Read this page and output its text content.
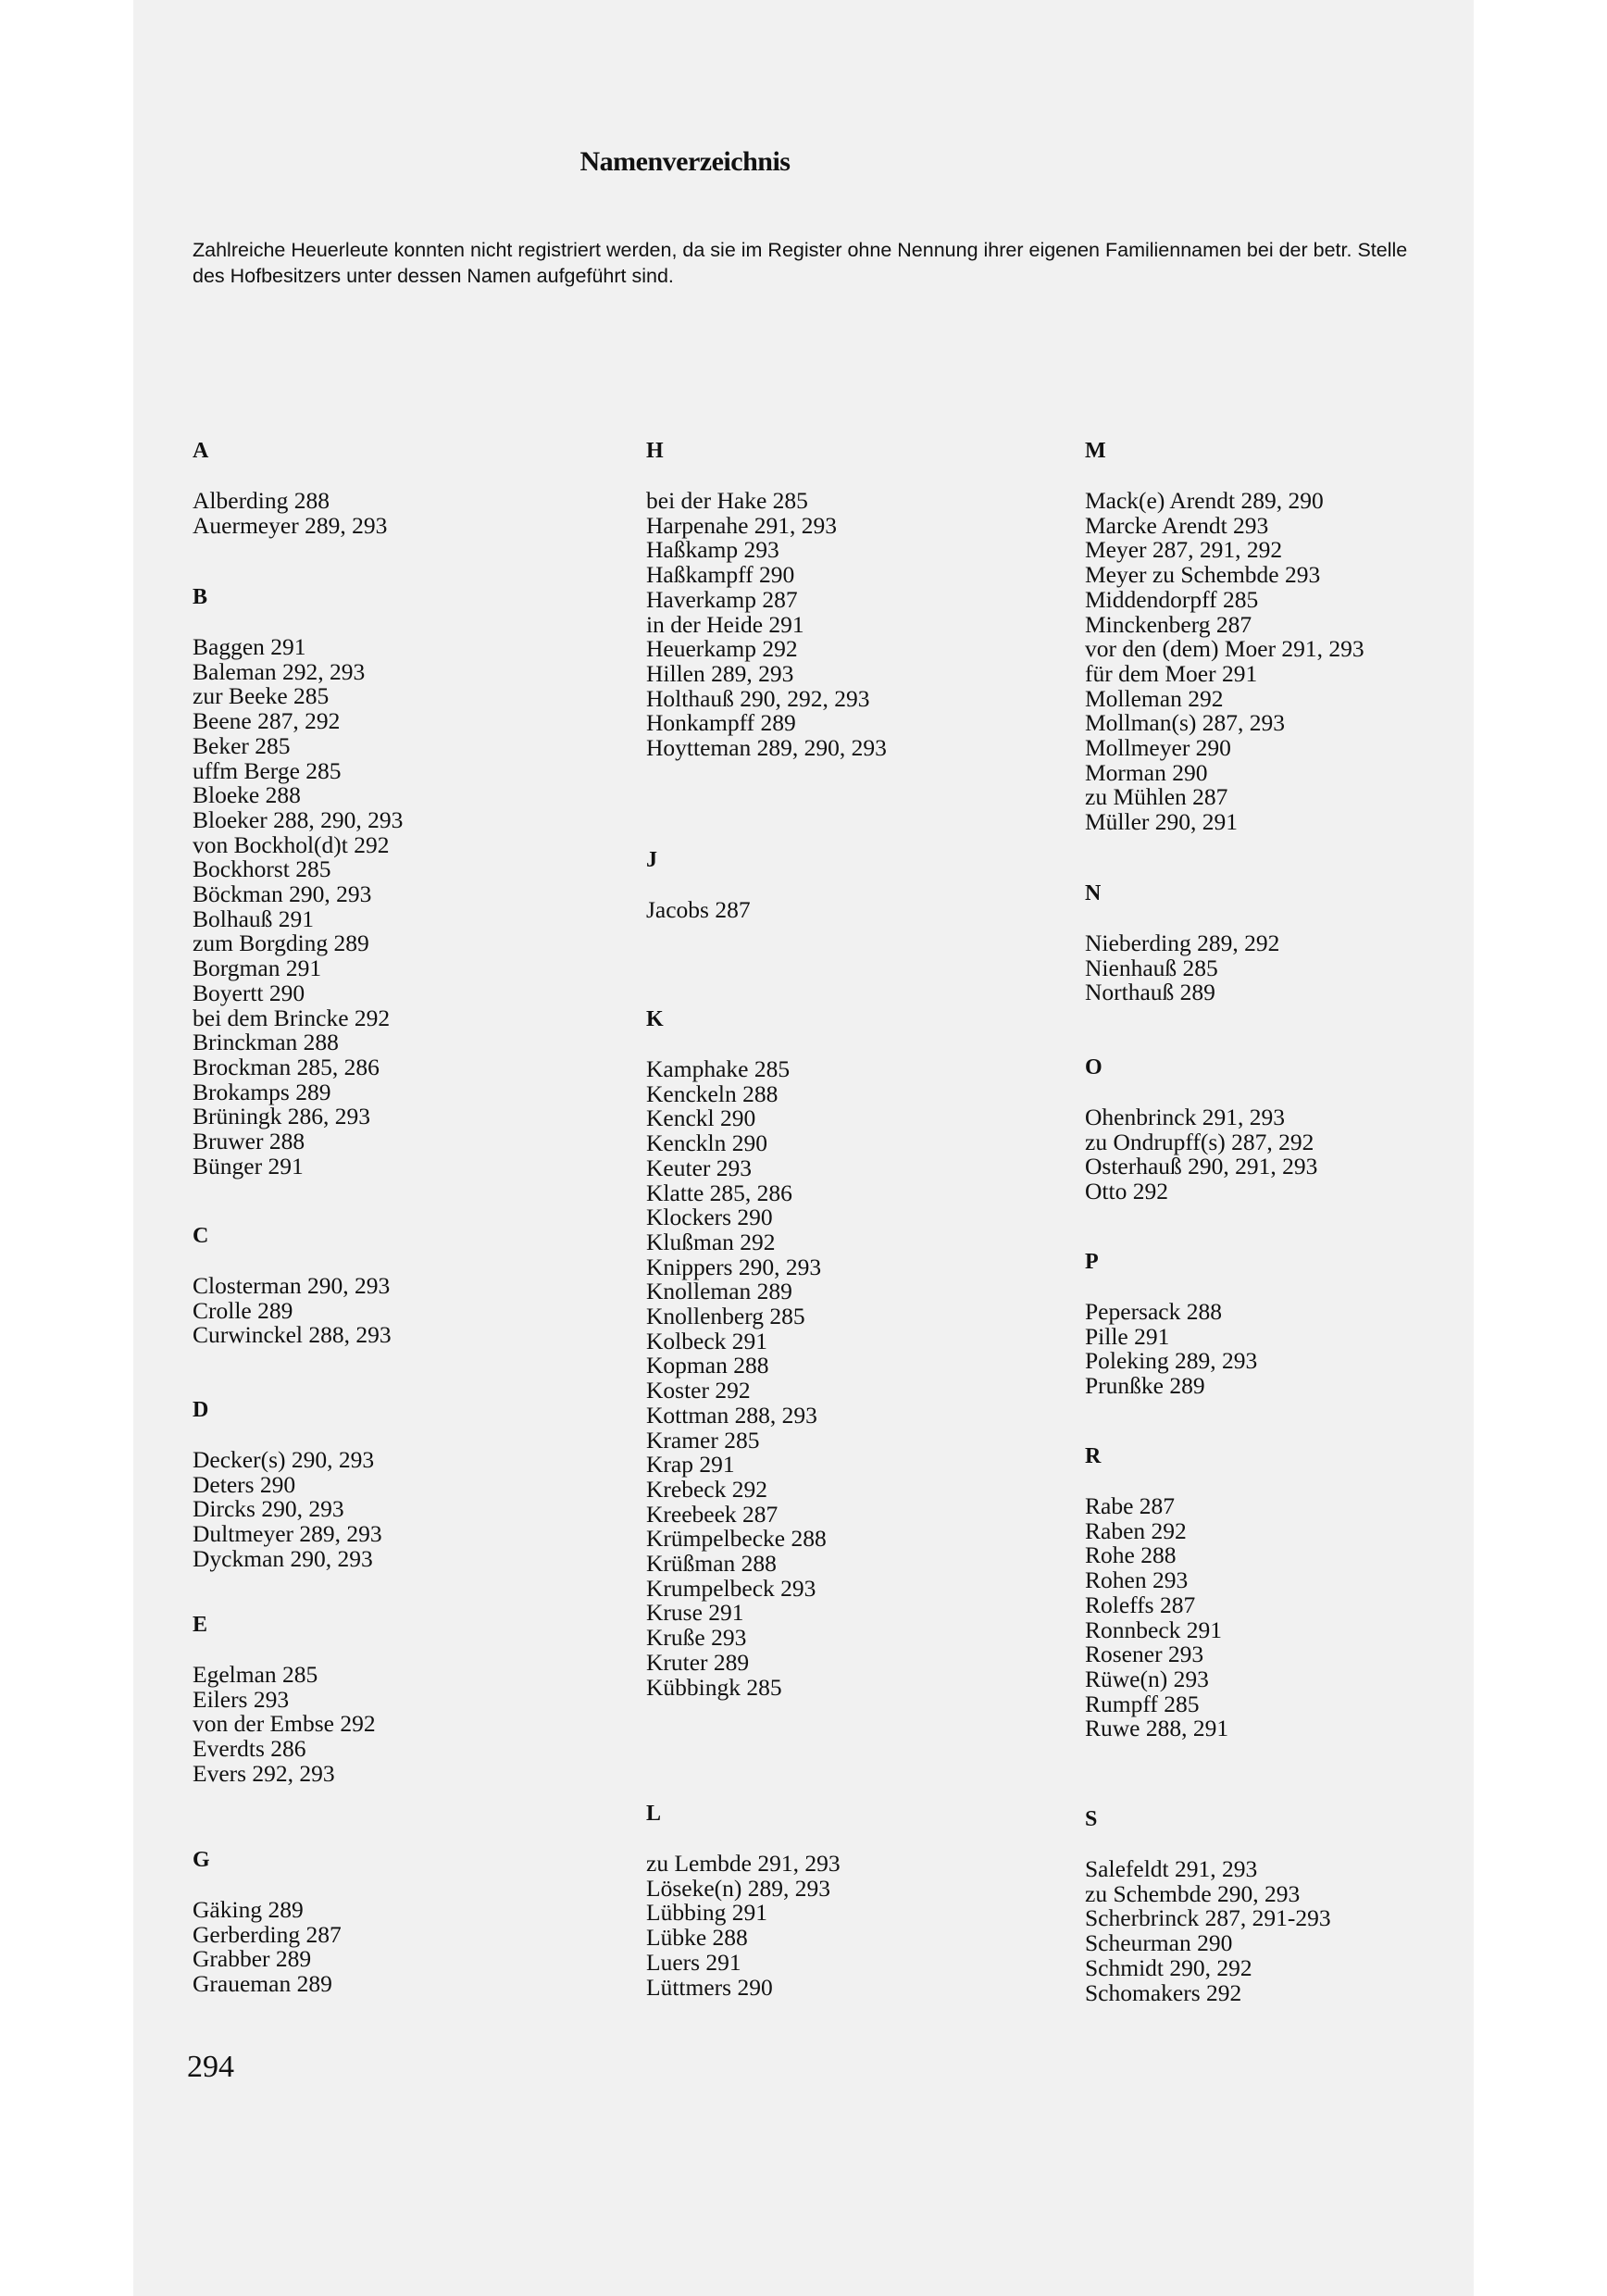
Namenverzeichnis
Zahlreiche Heuerleute konnten nicht registriert werden, da sie im Register ohne Nennung ihrer eigenen Familiennamen bei der betr. Stelle des Hofbesitzers unter dessen Namen aufgeführt sind.
A
Alberding 288
Auermeyer 289, 293
B
Baggen 291
Baleman 292, 293
zur Beeke 285
Beene 287, 292
Beker 285
uffm Berge 285
Bloeke 288
Bloeker 288, 290, 293
von Bockhol(d)t 292
Bockhorst 285
Böckman 290, 293
Bolhauß 291
zum Borgding 289
Borgman 291
Boyertt 290
bei dem Brincke 292
Brinckman 288
Brockman 285, 286
Brokamps 289
Brüningk 286, 293
Bruwer 288
Bünger 291
C
Closterman 290, 293
Crolle 289
Curwinckel 288, 293
D
Decker(s) 290, 293
Deters 290
Dircks 290, 293
Dultmeyer 289, 293
Dyckman 290, 293
E
Egelman 285
Eilers 293
von der Embse 292
Everdts 286
Evers 292, 293
G
Gäking 289
Gerberding 287
Grabber 289
Graueman 289
H
bei der Hake 285
Harpenahe 291, 293
Haßkamp 293
Haßkampff 290
Haverkamp 287
in der Heide 291
Heuerkamp 292
Hillen 289, 293
Holthauß 290, 292, 293
Honkampff 289
Hoytteman 289, 290, 293
J
Jacobs 287
K
Kamphake 285
Kenckeln 288
Kenckl 290
Kenckln 290
Keuter 293
Klatte 285, 286
Klockers 290
Klußman 292
Knippers 290, 293
Knolleman 289
Knollenberg 285
Kolbeck 291
Kopman 288
Koster 292
Kottman 288, 293
Kramer 285
Krap 291
Krebeck 292
Kreebeek 287
Krümpelbecke 288
Krüßman 288
Krumpelbeck 293
Kruse 291
Kruße 293
Kruter 289
Kübbingk 285
L
zu Lembde 291, 293
Löseke(n) 289, 293
Lübbing 291
Lübke 288
Luers 291
Lüttmers 290
M
Mack(e) Arendt 289, 290
Marcke Arendt 293
Meyer 287, 291, 292
Meyer zu Schembde 293
Middendorpff 285
Minckenberg 287
vor den (dem) Moer 291, 293
für dem Moer 291
Molleman 292
Mollman(s) 287, 293
Mollmeyer 290
Morman 290
zu Mühlen 287
Müller 290, 291
N
Nieberding 289, 292
Nienhauß 285
Northauß 289
O
Ohenbrinck 291, 293
zu Ondrupff(s) 287, 292
Osterhauß 290, 291, 293
Otto 292
P
Pepersack 288
Pille 291
Poleking 289, 293
Prunßke 289
R
Rabe 287
Raben 292
Rohe 288
Rohen 293
Roleffs 287
Ronnbeck 291
Rosener 293
Rüwe(n) 293
Rumpff 285
Ruwe 288, 291
S
Salefeldt 291, 293
zu Schembde 290, 293
Scherbrinck 287, 291-293
Scheurman 290
Schmidt 290, 292
Schomakers 292
294
